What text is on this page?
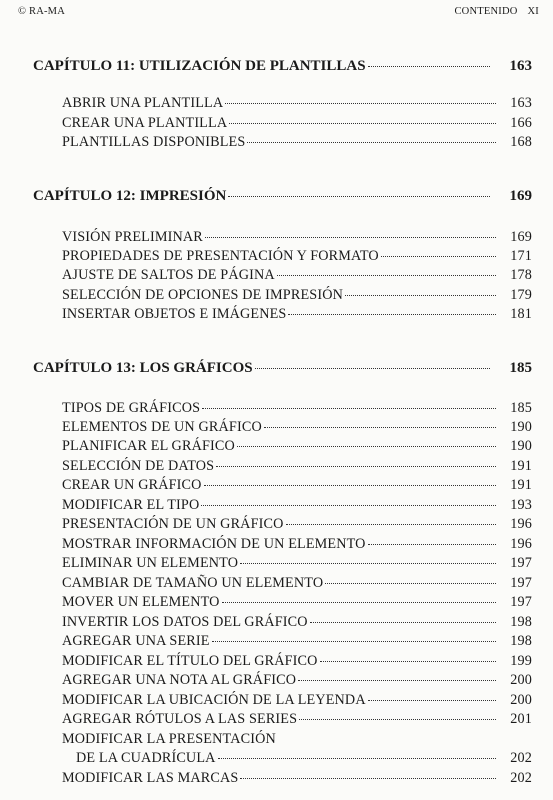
© RA-MA	CONTENIDO XI
CAPÍTULO 11: UTILIZACIÓN DE PLANTILLAS	163
ABRIR UNA PLANTILLA	163
CREAR UNA PLANTILLA	166
PLANTILLAS DISPONIBLES	168
CAPÍTULO 12: IMPRESIÓN	169
VISIÓN PRELIMINAR	169
PROPIEDADES DE PRESENTACIÓN Y FORMATO	171
AJUSTE DE SALTOS DE PÁGINA	178
SELECCIÓN DE OPCIONES DE IMPRESIÓN	179
INSERTAR OBJETOS E IMÁGENES	181
CAPÍTULO 13: LOS GRÁFICOS	185
TIPOS DE GRÁFICOS	185
ELEMENTOS DE UN GRÁFICO	190
PLANIFICAR EL GRÁFICO	190
SELECCIÓN DE DATOS	191
CREAR UN GRÁFICO	191
MODIFICAR EL TIPO	193
PRESENTACIÓN DE UN GRÁFICO	196
MOSTRAR INFORMACIÓN DE UN ELEMENTO	196
ELIMINAR UN ELEMENTO	197
CAMBIAR DE TAMAÑO UN ELEMENTO	197
MOVER UN ELEMENTO	197
INVERTIR LOS DATOS DEL GRÁFICO	198
AGREGAR UNA SERIE	198
MODIFICAR EL TÍTULO DEL GRÁFICO	199
AGREGAR UNA NOTA AL GRÁFICO	200
MODIFICAR LA UBICACIÓN DE LA LEYENDA	200
AGREGAR RÓTULOS A LAS SERIES	201
MODIFICAR LA PRESENTACIÓN
DE LA CUADRÍCULA	202
MODIFICAR LAS MARCAS	202
